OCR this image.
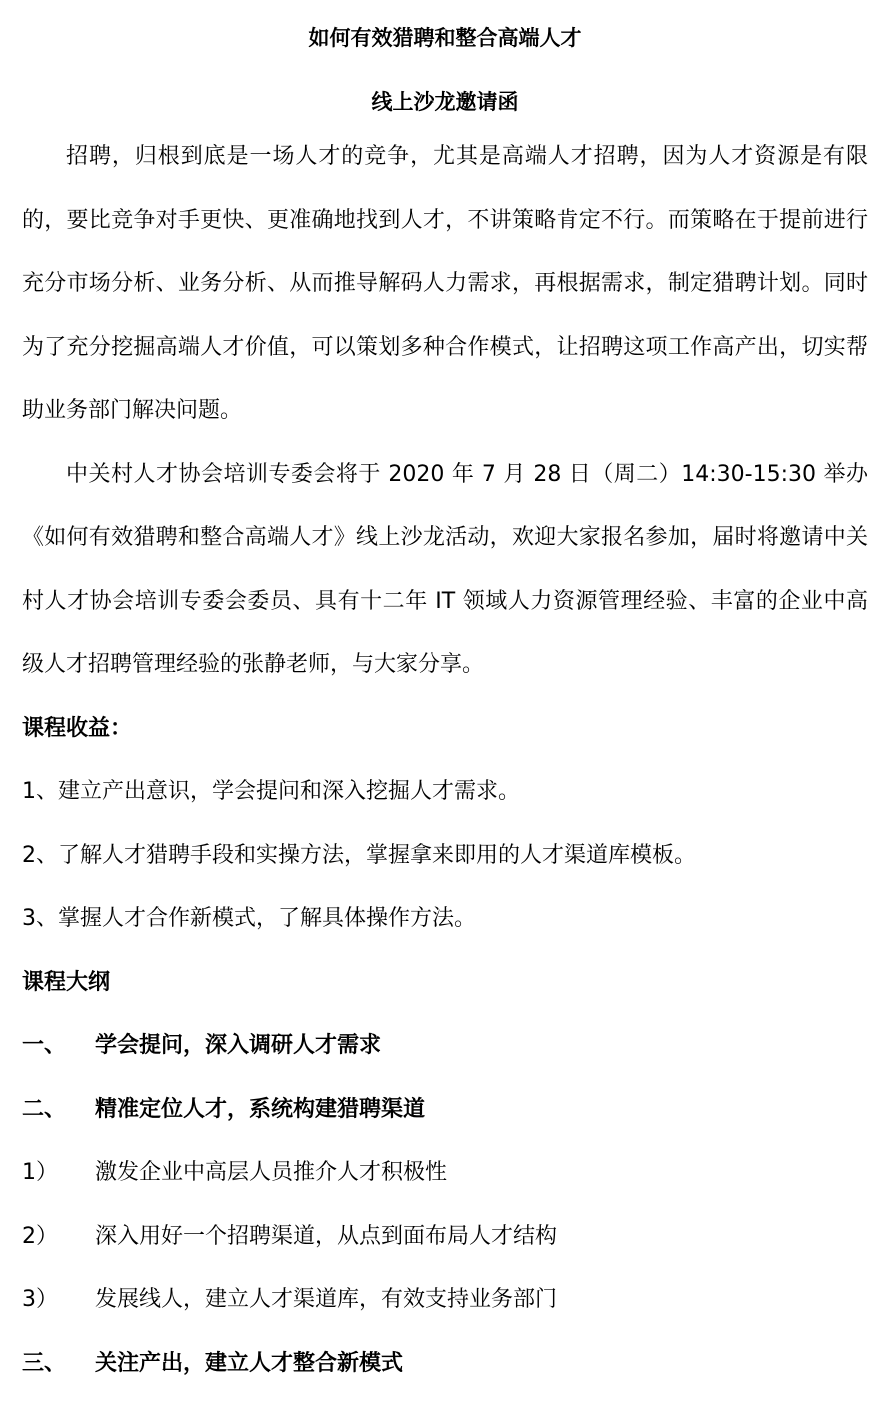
如何有效猎聘和整合高端人才
线上沙龙邀请函

招聘，归根到底是一场人才的竞争，尤其是高端人才招聘，因为人才资源是有限的，要比竞争对手更快、更准确地找到人才，不讲策略肯定不行。而策略在于提前进行充分市场分析、业务分析、从而推导解码人力需求，再根据需求，制定猎聘计划。同时为了充分挖掘高端人才价值，可以策划多种合作模式，让招聘这项工作高产出，切实帮助业务部门解决问题。

中关村人才协会培训专委会将于 2020 年 7 月 28 日（周二）14:30-15:30 举办《如何有效猎聘和整合高端人才》线上沙龙活动，欢迎大家报名参加，届时将邀请中关村人才协会培训专委会委员、具有十二年 IT 领域人力资源管理经验、丰富的企业中高级人才招聘管理经验的张静老师，与大家分享。

课程收益：

1、建立产出意识，学会提问和深入挖掘人才需求。

2、了解人才猎聘手段和实操方法，掌握拿来即用的人才渠道库模板。

3、掌握人才合作新模式，了解具体操作方法。

课程大纲

一、 学会提问，深入调研人才需求

二、 精准定位人才，系统构建猎聘渠道

1） 激发企业中高层人员推介人才积极性

2） 深入用好一个招聘渠道，从点到面布局人才结构

3） 发展线人，建立人才渠道库，有效支持业务部门

三、 关注产出，建立人才整合新模式
